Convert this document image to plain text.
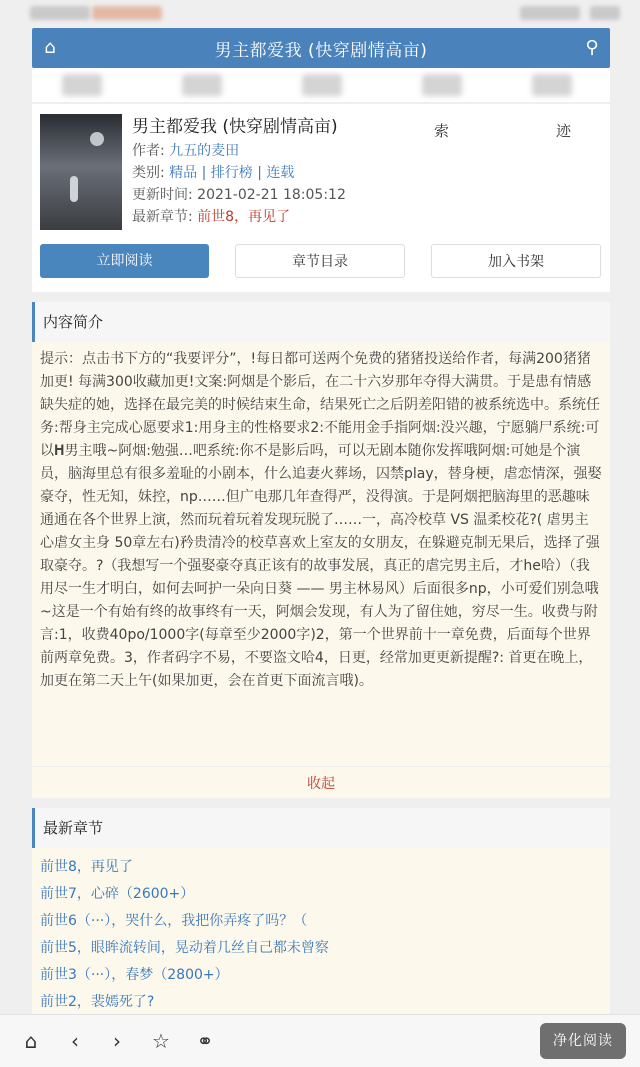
⌂	男主都爱我 (快穿剧情高亩)	⚲
男主都爱我 (快穿剧情高亩)
作者: 九五的麦田
类别: 精品 | 排行榜 | 连载
更新时间: 2021-02-21 18:05:12
最新章节: 前世8，再见了
索	迹
立即阅读	章节目录	加入书架
内容简介
提示：点击书下方的“我要评分”，!每日都可送两个免费的猪猪投送给作者，每满200猪猪加更! 每满300收藏加更!文案:阿烟是个影后，在二十六岁那年夺得大满贯。于是患有情感缺失症的她，选择在最完美的时候结束生命，结果死亡之后阴差阳错的被系统选中。系统任务:帮身主完成心愿要求1:用身主的性格要求2:不能用金手指阿烟:没兴趣，宁愿躺尸系统:可以𝐇男主哦~阿烟:勉强…吧系统:你不是影后吗，可以无剧本随你发挥哦阿烟:可她是个演员，脑海里总有很多羞耻的小剧本，什么追妻火葬场，囚禁play，替身梗，虐恋情深，强娶豪夺，性无知，妹控，np……但广电那几年查得严，没得演。于是阿烟把脑海里的恶趣味通通在各个世界上演，然而玩着玩着发现玩脱了……一，高冷校草 VS 温柔校花?( 虐男主心虐女主身 50章左右)矜贵清冷的校草喜欢上室友的女朋友，在躲避克制无果后，选择了强取豪夺。?（我想写一个强娶豪夺真正该有的故事发展，真正的虐完男主后，才he哈）（我用尽一生才明白，如何去呵护一朵向日葵 —— 男主林易风）后面很多np，小可爱们别急哦~这是一个有始有终的故事终有一天，阿烟会发现，有人为了留住她，穷尽一生。收费与附言:1，收费40po/1000字(每章至少2000字)2，第一个世界前十一章免费，后面每个世界前两章免费。3，作者码字不易，不要盗文哈4，日更，经常加更更新提醒?: 首更在晚上，加更在第二天上午(如果加更，会在首更下面流言哦)。
收起
最新章节
前世8，再见了
前世7，心碎（2600+）
前世6（···），哭什么，我把你弄疼了吗？（
前世5，眼眸流转间，晃动着几丝自己都未曾察
前世3（···），春梦（2800+）
前世2，裴嫣死了?
⌂	‹	›	☆ ⚭	净化阅读
